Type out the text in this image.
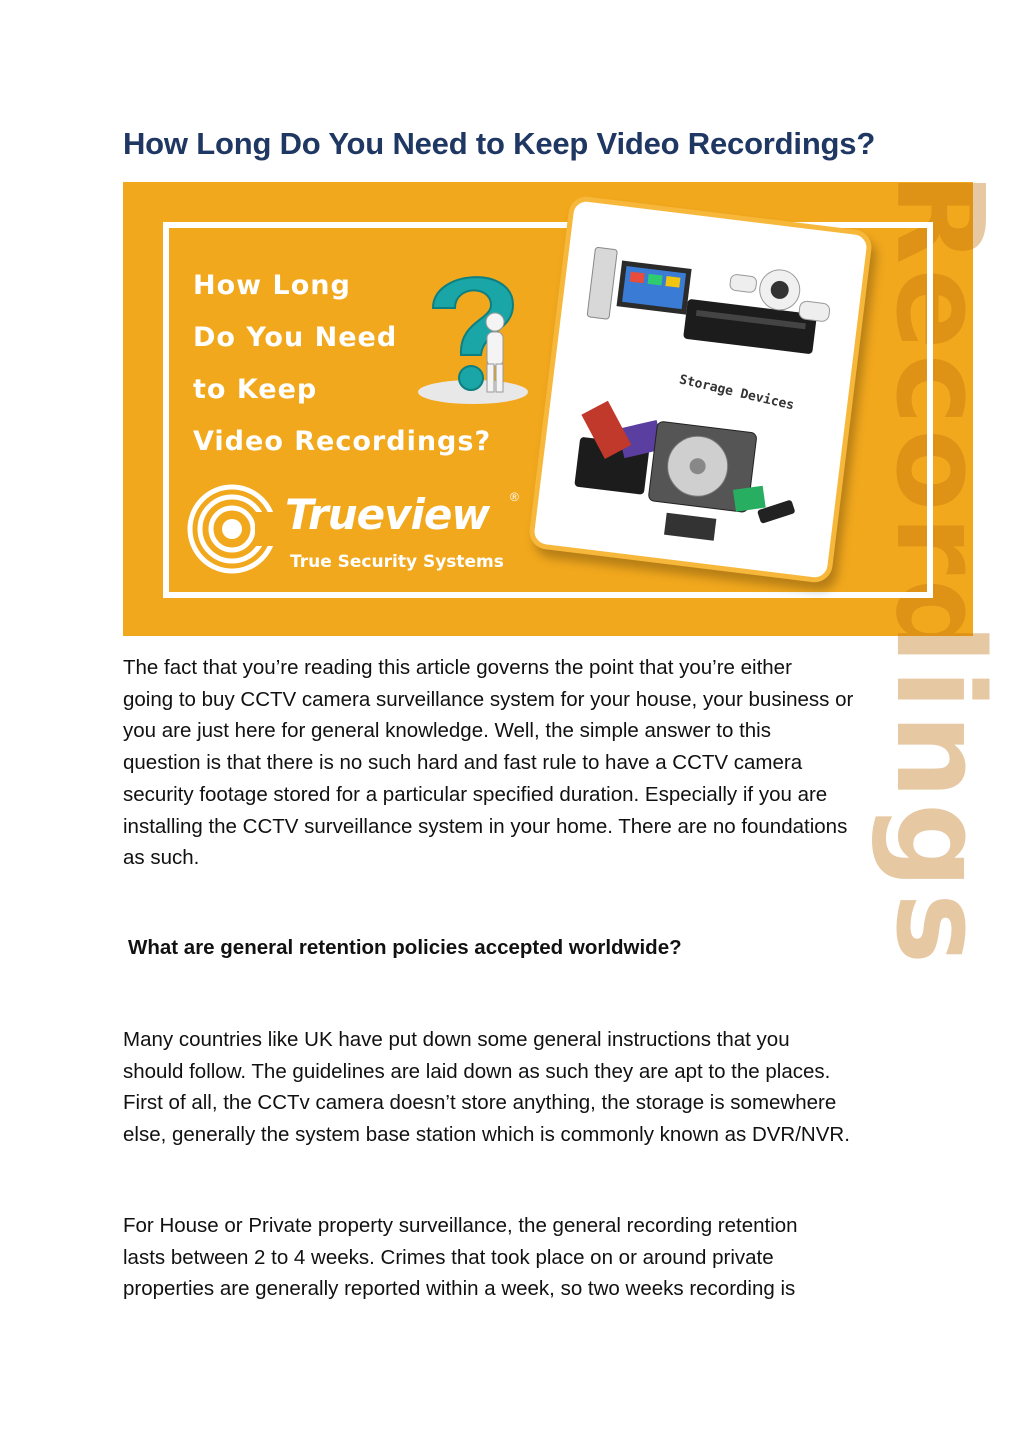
How Long Do You Need to Keep Video Recordings?
Recordings
How Long
Do You Need
to Keep
Video Recordings?
Trueview ®
True Security Systems
Storage Devices

The fact that you’re reading this article governs the point that you’re either
going to buy CCTV camera surveillance system for your house, your business or
you are just here for general knowledge. Well, the simple answer to this
question is that there is no such hard and fast rule to have a CCTV camera
security footage stored for a particular specified duration. Especially if you are
installing the CCTV surveillance system in your home. There are no foundations
as such.

What are general retention policies accepted worldwide?

Many countries like UK have put down some general instructions that you
should follow. The guidelines are laid down as such they are apt to the places.
First of all, the CCTv camera doesn’t store anything, the storage is somewhere
else, generally the system base station which is commonly known as DVR/NVR.

For House or Private property surveillance, the general recording retention
lasts between 2 to 4 weeks. Crimes that took place on or around private
properties are generally reported within a week, so two weeks recording is
